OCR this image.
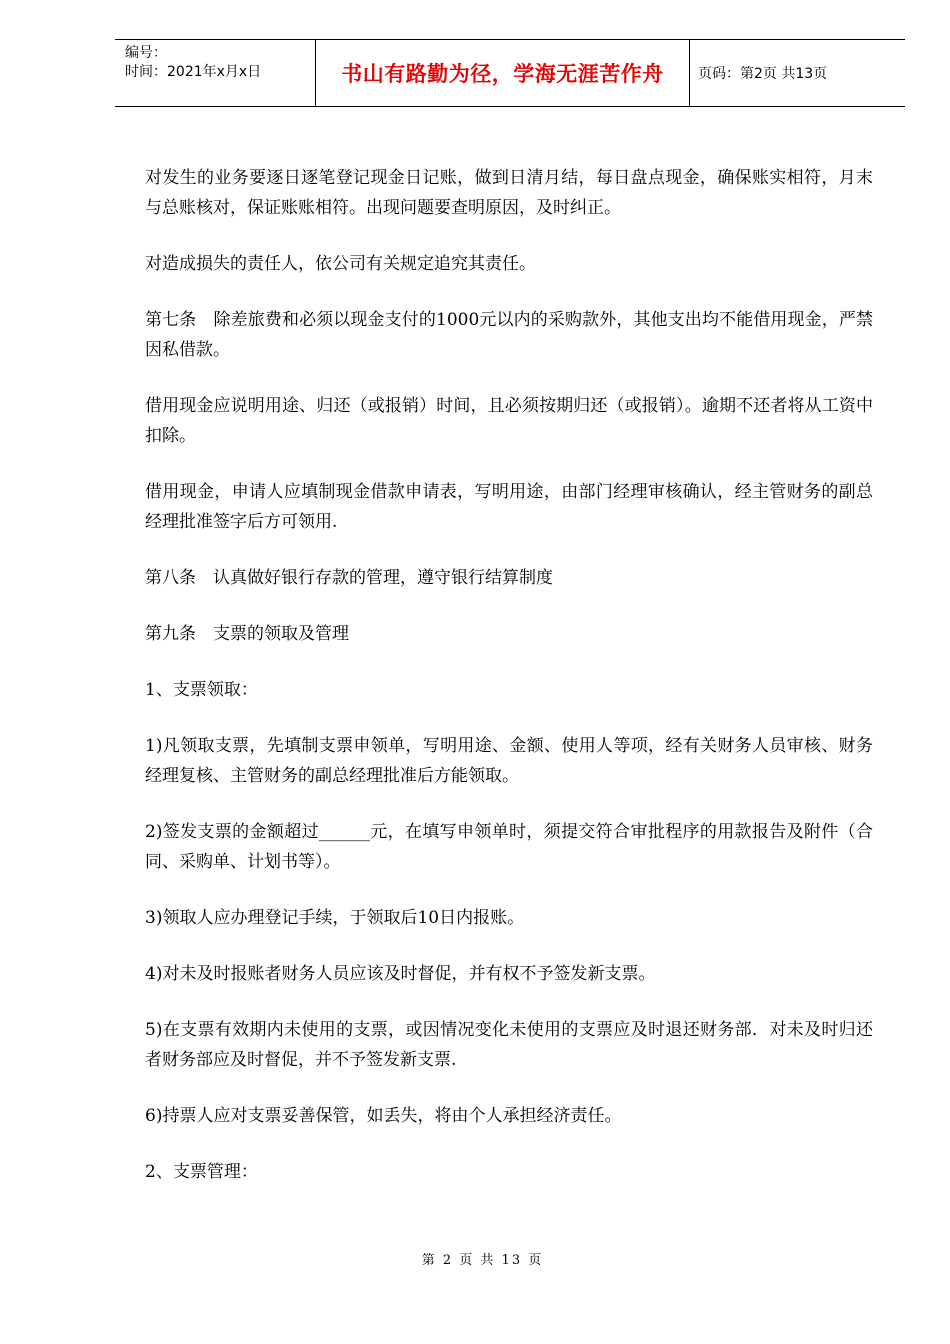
编号：
时间：2021年x月x日	书山有路勤为径，学海无涯苦作舟	页码：第2页 共13页

对发生的业务要逐日逐笔登记现金日记账，做到日清月结，每日盘点现金，确保账实相符，月末与总账核对，保证账账相符。出现问题要查明原因，及时纠正。

对造成损失的责任人，依公司有关规定追究其责任。

第七条　除差旅费和必须以现金支付的1000元以内的采购款外，其他支出均不能借用现金，严禁因私借款。

借用现金应说明用途、归还（或报销）时间，且必须按期归还（或报销）。逾期不还者将从工资中扣除。

借用现金，申请人应填制现金借款申请表，写明用途，由部门经理审核确认，经主管财务的副总经理批准签字后方可领用.

第八条　认真做好银行存款的管理，遵守银行结算制度

第九条　支票的领取及管理

1、支票领取：

1)凡领取支票，先填制支票申领单，写明用途、金额、使用人等项，经有关财务人员审核、财务经理复核、主管财务的副总经理批准后方能领取。

2)签发支票的金额超过______元，在填写申领单时，须提交符合审批程序的用款报告及附件（合同、采购单、计划书等）。

3)领取人应办理登记手续，于领取后10日内报账。

4)对未及时报账者财务人员应该及时督促，并有权不予签发新支票。

5)在支票有效期内未使用的支票，或因情况变化未使用的支票应及时退还财务部．对未及时归还者财务部应及时督促，并不予签发新支票.

6)持票人应对支票妥善保管，如丢失，将由个人承担经济责任。

2、支票管理：

第 2 页 共 13 页
